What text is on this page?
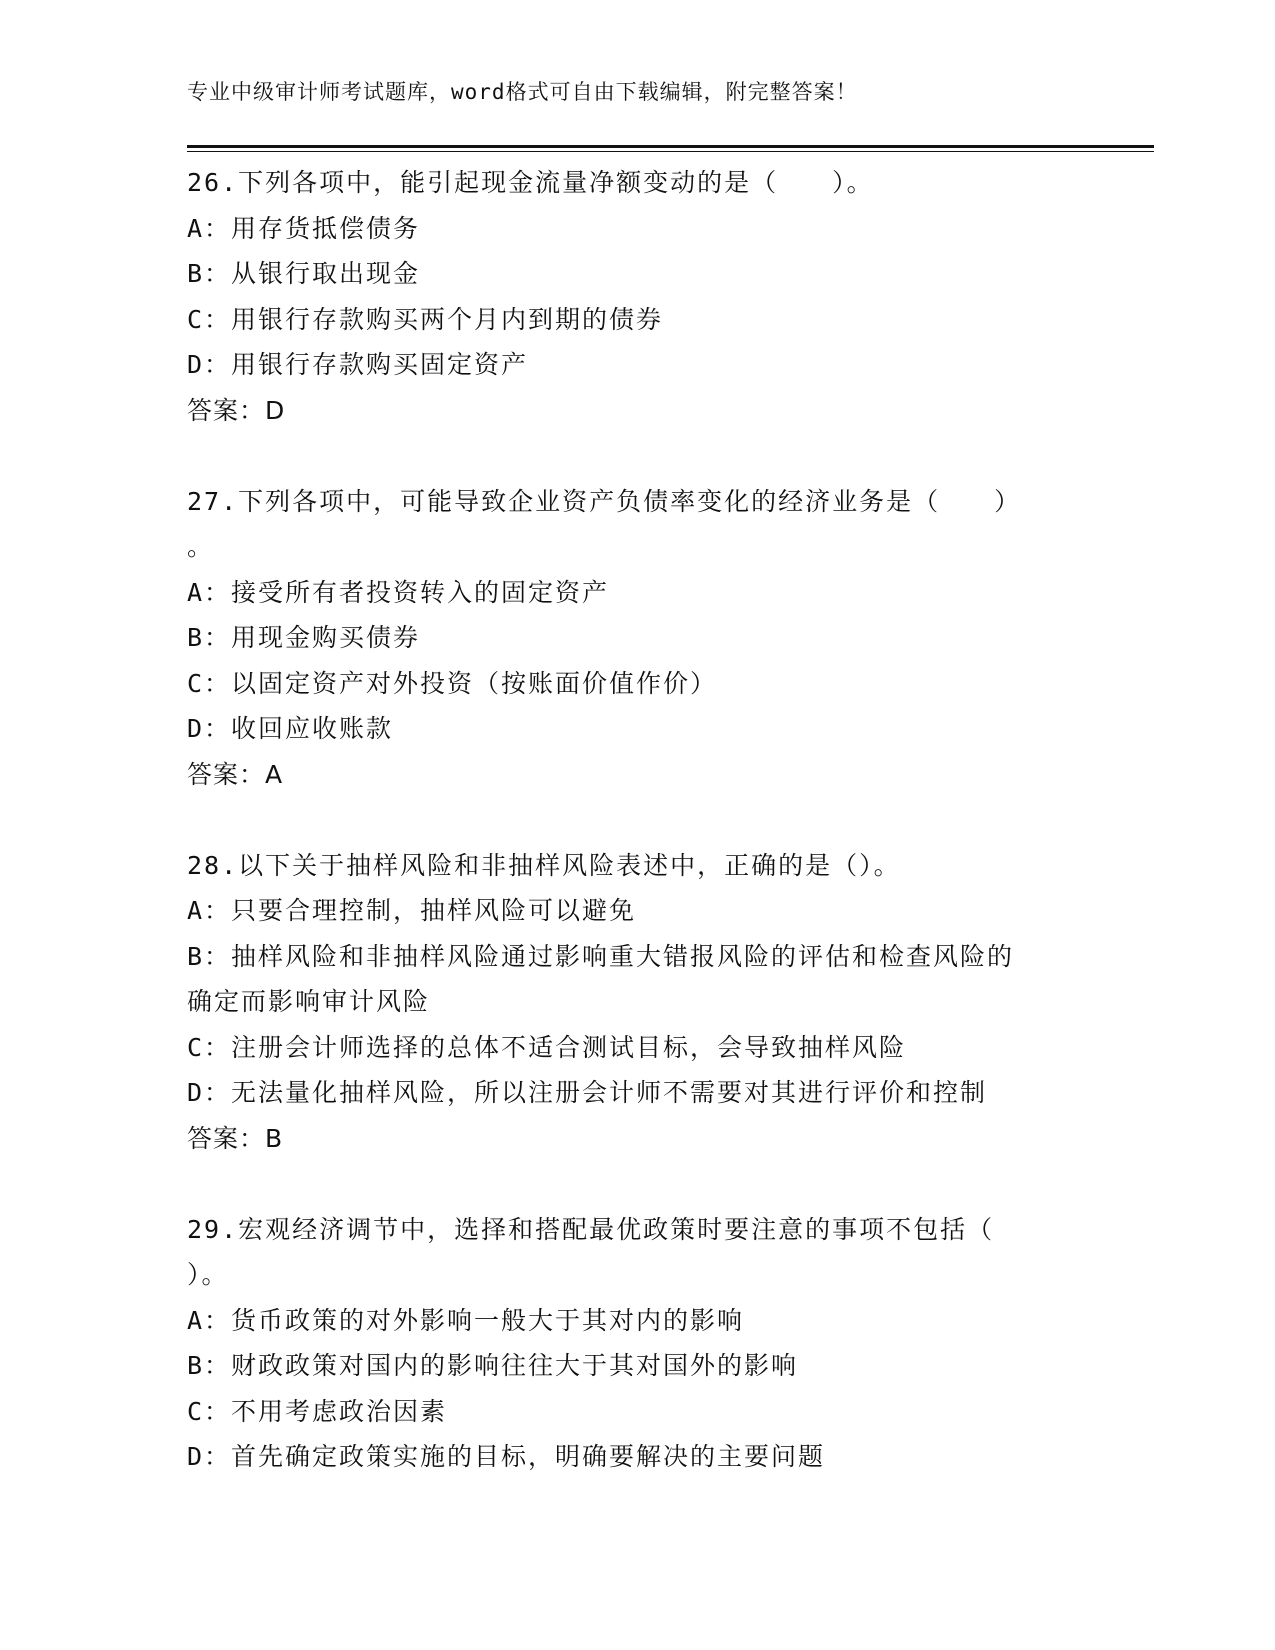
专业中级审计师考试题库，word格式可自由下载编辑，附完整答案！
26.下列各项中，能引起现金流量净额变动的是（　　）。
A：用存货抵偿债务
B：从银行取出现金
C：用银行存款购买两个月内到期的债券
D：用银行存款购买固定资产
答案：D
27.下列各项中，可能导致企业资产负债率变化的经济业务是（　　）
。
A：接受所有者投资转入的固定资产
B：用现金购买债券
C：以固定资产对外投资（按账面价值作价）
D：收回应收账款
答案：A
28.以下关于抽样风险和非抽样风险表述中，正确的是（）。
A：只要合理控制，抽样风险可以避免
B：抽样风险和非抽样风险通过影响重大错报风险的评估和检查风险的
确定而影响审计风险
C：注册会计师选择的总体不适合测试目标，会导致抽样风险
D：无法量化抽样风险，所以注册会计师不需要对其进行评价和控制
答案：B
29.宏观经济调节中，选择和搭配最优政策时要注意的事项不包括（
）。
A：货币政策的对外影响一般大于其对内的影响
B：财政政策对国内的影响往往大于其对国外的影响
C：不用考虑政治因素
D：首先确定政策实施的目标，明确要解决的主要问题
